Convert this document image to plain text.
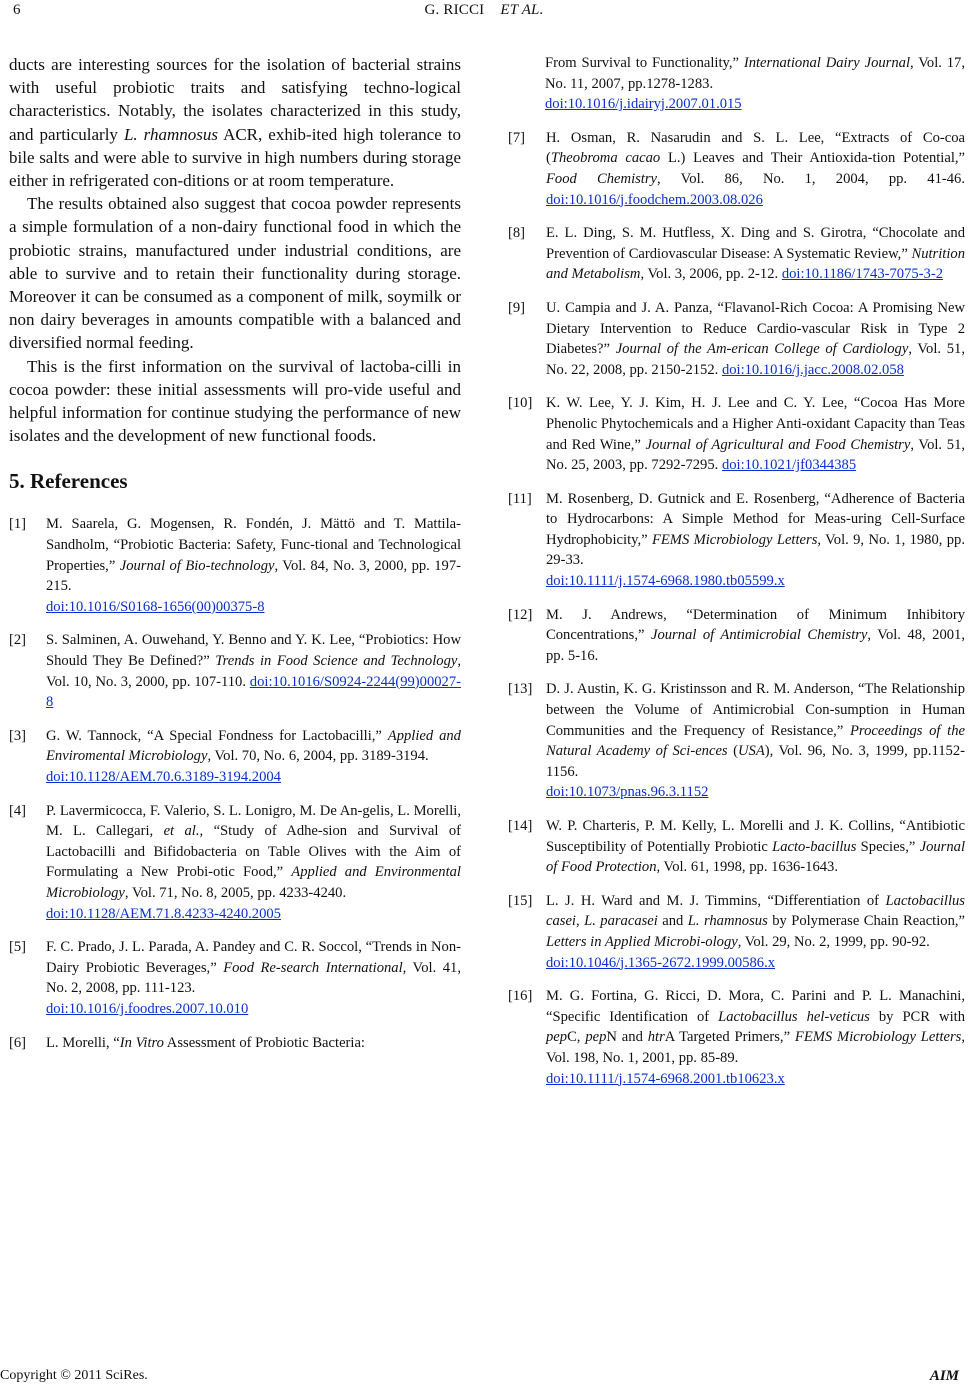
6	G. RICCI ET AL.

ducts are interesting sources for the isolation of bacterial strains with useful probiotic traits and satisfying techno-logical characteristics. Notably, the isolates characterized in this study, and particularly L. rhamnosus ACR, exhib-ited high tolerance to bile salts and were able to survive in high numbers during storage either in refrigerated con-ditions or at room temperature.

The results obtained also suggest that cocoa powder represents a simple formulation of a non-dairy functional food in which the probiotic strains, manufactured under industrial conditions, are able to survive and to retain their functionality during storage. Moreover it can be consumed as a component of milk, soymilk or non dairy beverages in amounts compatible with a balanced and diversified normal feeding.

This is the first information on the survival of lactoba-cilli in cocoa powder: these initial assessments will pro-vide useful and helpful information for continue studying the performance of new isolates and the development of new functional foods.

5. References
[1] M. Saarela, G. Mogensen, R. Fondén, J. Mättö and T. Mattila-Sandholm, “Probiotic Bacteria: Safety, Func-tional and Technological Properties,” Journal of Bio-technology, Vol. 84, No. 3, 2000, pp. 197-215.
doi:10.1016/S0168-1656(00)00375-8
[2] S. Salminen, A. Ouwehand, Y. Benno and Y. K. Lee, “Probiotics: How Should They Be Defined?” Trends in Food Science and Technology, Vol. 10, No. 3, 2000, pp. 107-110. doi:10.1016/S0924-2244(99)00027-8
[3] G. W. Tannock, “A Special Fondness for Lactobacilli,” Applied and Enviromental Microbiology, Vol. 70, No. 6, 2004, pp. 3189-3194.
doi:10.1128/AEM.70.6.3189-3194.2004
[4] P. Lavermicocca, F. Valerio, S. L. Lonigro, M. De An-gelis, L. Morelli, M. L. Callegari, et al., “Study of Adhe-sion and Survival of Lactobacilli and Bifidobacteria on Table Olives with the Aim of Formulating a New Probi-otic Food,” Applied and Environmental Microbiology, Vol. 71, No. 8, 2005, pp. 4233-4240.
doi:10.1128/AEM.71.8.4233-4240.2005
[5] F. C. Prado, J. L. Parada, A. Pandey and C. R. Soccol, “Trends in Non-Dairy Probiotic Beverages,” Food Re-search International, Vol. 41, No. 2, 2008, pp. 111-123.
doi:10.1016/j.foodres.2007.10.010
[6] L. Morelli, “In Vitro Assessment of Probiotic Bacteria:
From Survival to Functionality,” International Dairy Journal, Vol. 17, No. 11, 2007, pp.1278-1283.
doi:10.1016/j.idairyj.2007.01.015
[7] H. Osman, R. Nasarudin and S. L. Lee, “Extracts of Co-coa (Theobroma cacao L.) Leaves and Their Antioxida-tion Potential,” Food Chemistry, Vol. 86, No. 1, 2004, pp. 41-46. doi:10.1016/j.foodchem.2003.08.026
[8] E. L. Ding, S. M. Hutfless, X. Ding and S. Girotra, “Chocolate and Prevention of Cardiovascular Disease: A Systematic Review,” Nutrition and Metabolism, Vol. 3, 2006, pp. 2-12. doi:10.1186/1743-7075-3-2
[9] U. Campia and J. A. Panza, “Flavanol-Rich Cocoa: A Promising New Dietary Intervention to Reduce Cardio-vascular Risk in Type 2 Diabetes?” Journal of the Am-erican College of Cardiology, Vol. 51, No. 22, 2008, pp. 2150-2152. doi:10.1016/j.jacc.2008.02.058
[10] K. W. Lee, Y. J. Kim, H. J. Lee and C. Y. Lee, “Cocoa Has More Phenolic Phytochemicals and a Higher Anti-oxidant Capacity than Teas and Red Wine,” Journal of Agricultural and Food Chemistry, Vol. 51, No. 25, 2003, pp. 7292-7295. doi:10.1021/jf0344385
[11] M. Rosenberg, D. Gutnick and E. Rosenberg, “Adherence of Bacteria to Hydrocarbons: A Simple Method for Meas-uring Cell-Surface Hydrophobicity,” FEMS Microbiology Letters, Vol. 9, No. 1, 1980, pp. 29-33.
doi:10.1111/j.1574-6968.1980.tb05599.x
[12] M. J. Andrews, “Determination of Minimum Inhibitory Concentrations,” Journal of Antimicrobial Chemistry, Vol. 48, 2001, pp. 5-16.
[13] D. J. Austin, K. G. Kristinsson and R. M. Anderson, “The Relationship between the Volume of Antimicrobial Con-sumption in Human Communities and the Frequency of Resistance,” Proceedings of the Natural Academy of Sci-ences (USA), Vol. 96, No. 3, 1999, pp.1152-1156.
doi:10.1073/pnas.96.3.1152
[14] W. P. Charteris, P. M. Kelly, L. Morelli and J. K. Collins, “Antibiotic Susceptibility of Potentially Probiotic Lacto-bacillus Species,” Journal of Food Protection, Vol. 61, 1998, pp. 1636-1643.
[15] L. J. H. Ward and M. J. Timmins, “Differentiation of Lactobacillus casei, L. paracasei and L. rhamnosus by Polymerase Chain Reaction,” Letters in Applied Microbi-ology, Vol. 29, No. 2, 1999, pp. 90-92.
doi:10.1046/j.1365-2672.1999.00586.x
[16] M. G. Fortina, G. Ricci, D. Mora, C. Parini and P. L. Manachini, “Specific Identification of Lactobacillus hel-veticus by PCR with pepC, pepN and htrA Targeted Primers,” FEMS Microbiology Letters, Vol. 198, No. 1, 2001, pp. 85-89.
doi:10.1111/j.1574-6968.2001.tb10623.x
Copyright © 2011 SciRes.	AIM
